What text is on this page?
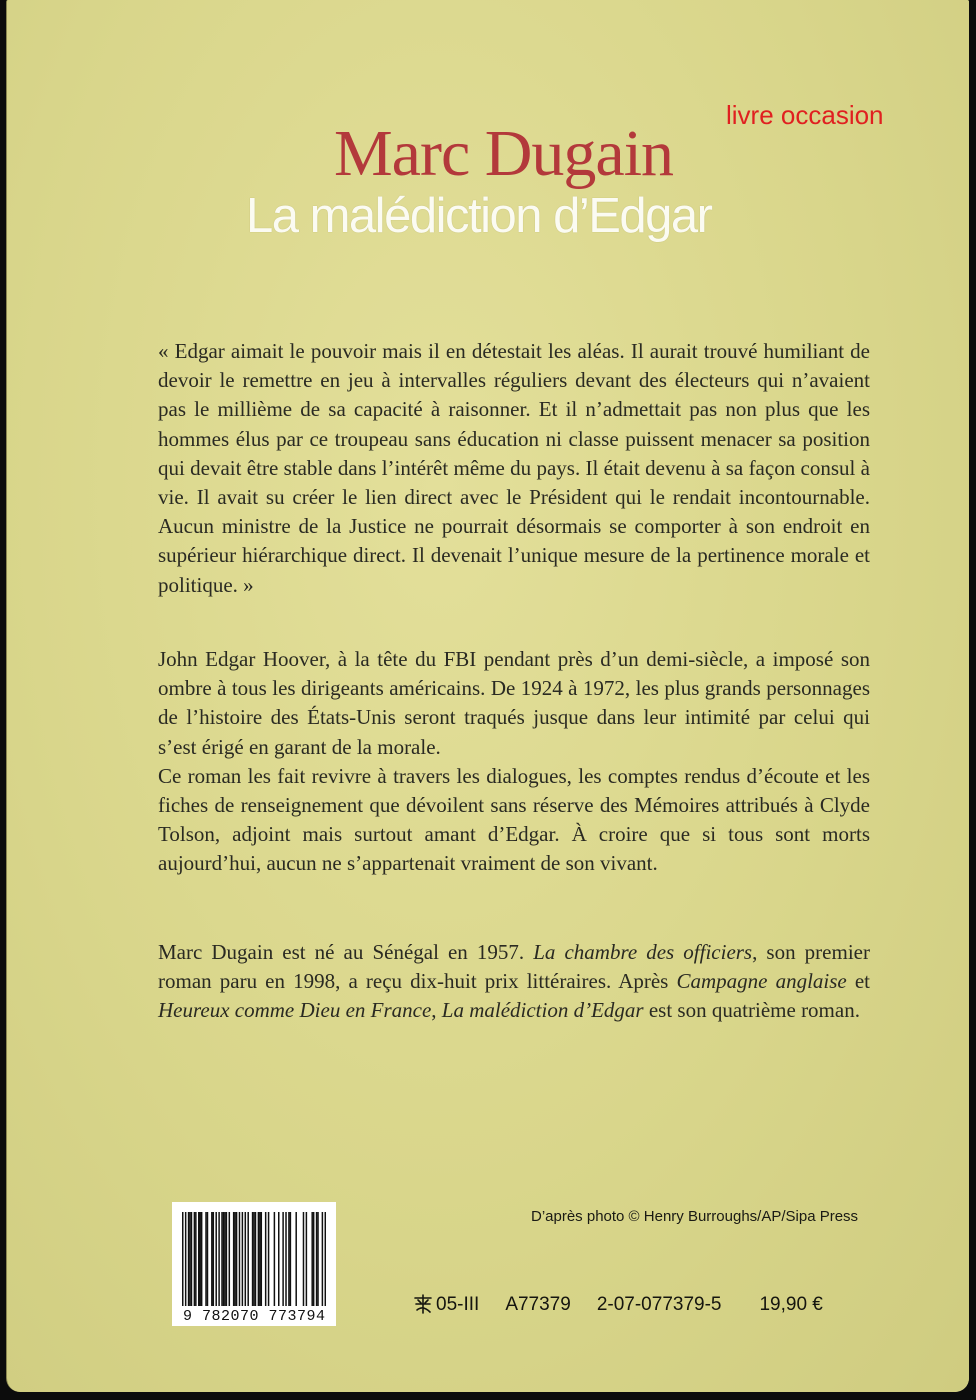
livre occasion
Marc Dugain
La malédiction d’Edgar
« Edgar aimait le pouvoir mais il en détestait les aléas. Il aurait trouvé humiliant de devoir le remettre en jeu à intervalles réguliers devant des électeurs qui n’avaient pas le millième de sa capacité à raisonner. Et il n’admettait pas non plus que les hommes élus par ce troupeau sans éducation ni classe puissent menacer sa position qui devait être stable dans l’intérêt même du pays. Il était devenu à sa façon consul à vie. Il avait su créer le lien direct avec le Président qui le rendait incontournable. Aucun ministre de la Justice ne pourrait désormais se comporter à son endroit en supérieur hiérarchique direct. Il devenait l’unique mesure de la pertinence morale et politique. »
John Edgar Hoover, à la tête du FBI pendant près d’un demi-siècle, a imposé son ombre à tous les dirigeants américains. De 1924 à 1972, les plus grands personnages de l’histoire des États-Unis seront traqués jusque dans leur intimité par celui qui s’est érigé en garant de la morale.
Ce roman les fait revivre à travers les dialogues, les comptes rendus d’écoute et les fiches de renseignement que dévoilent sans réserve des Mémoires attribués à Clyde Tolson, adjoint mais surtout amant d’Edgar. À croire que si tous sont morts aujourd’hui, aucun ne s’appartenait vraiment de son vivant.
Marc Dugain est né au Sénégal en 1957. La chambre des officiers, son premier roman paru en 1998, a reçu dix-huit prix littéraires. Après Campagne anglaise et Heureux comme Dieu en France, La malédiction d’Edgar est son quatrième roman.
D’après photo © Henry Burroughs/AP/Sipa Press
9 782070 773794
05-III A77379 2-07-077379-5 19,90 €
